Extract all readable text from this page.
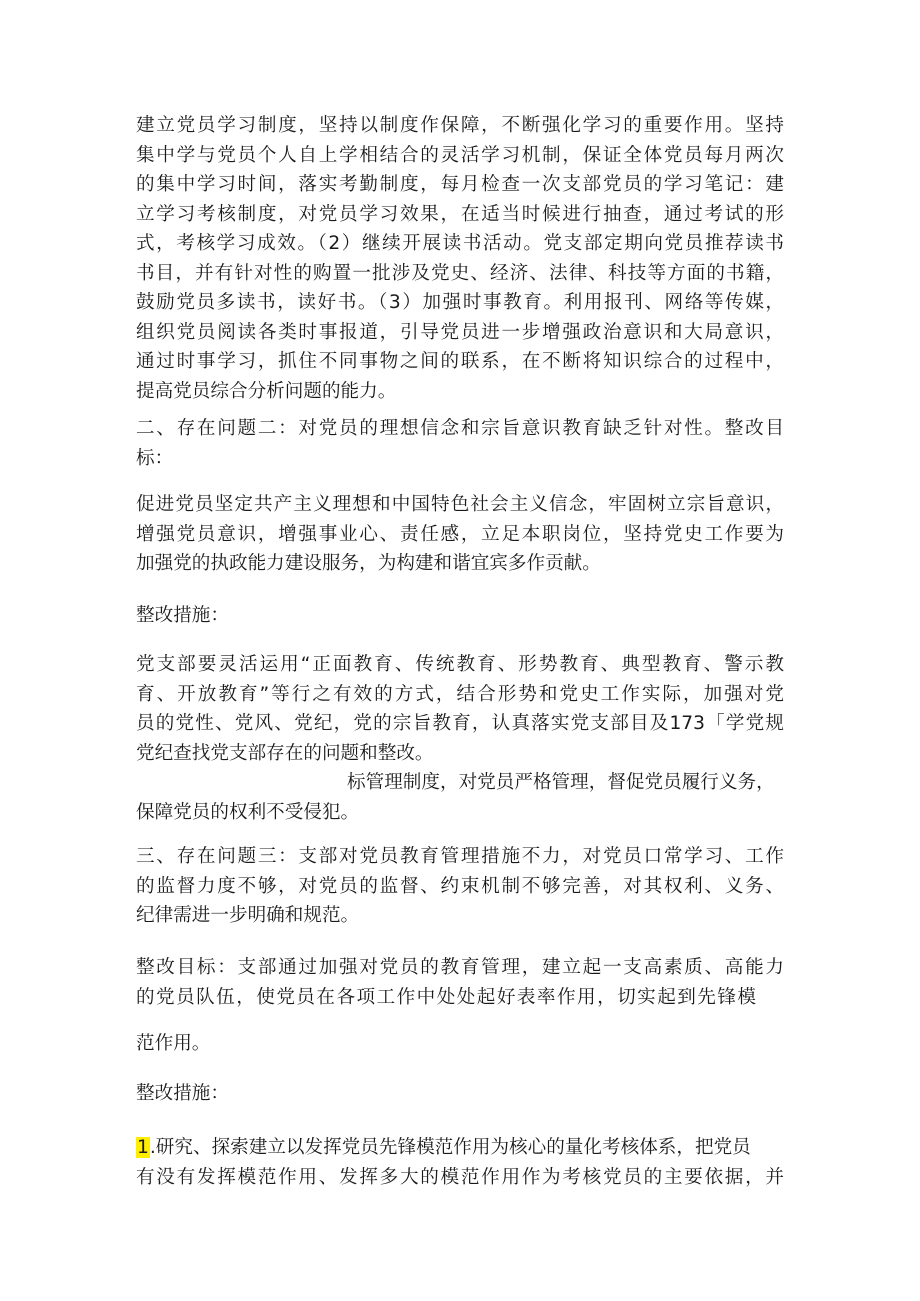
建立党员学习制度，坚持以制度作保障，不断强化学习的重要作用。坚持
集中学与党员个人自上学相结合的灵活学习机制，保证全体党员每月两次
的集中学习时间，落实考勤制度，每月检查一次支部党员的学习笔记：建
立学习考核制度，对党员学习效果，在适当时候进行抽查，通过考试的形
式，考核学习成效。（2）继续开展读书活动。党支部定期向党员推荐读书
书目，并有针对性的购置一批涉及党史、经济、法律、科技等方面的书籍，
鼓励党员多读书，读好书。（3）加强时事教育。利用报刊、网络等传媒，
组织党员阅读各类时事报道，引导党员进一步增强政治意识和大局意识，
通过时事学习，抓住不同事物之间的联系，在不断将知识综合的过程中，
提高党员综合分析问题的能力。
二、存在问题二：对党员的理想信念和宗旨意识教育缺乏针对性。整改目
标：
促进党员坚定共产主义理想和中国特色社会主义信念，牢固树立宗旨意识，
增强党员意识，增强事业心、责任感，立足本职岗位，坚持党史工作要为
加强党的执政能力建设服务，为构建和谐宜宾多作贡献。
整改措施：
党支部要灵活运用“正面教育、传统教育、形势教育、典型教育、警示教
育、开放教育”等行之有效的方式，结合形势和党史工作实际，加强对党
员的党性、党风、党纪，党的宗旨教育，认真落实党支部目及173「学党规
党纪查找党支部存在的问题和整改。
标管理制度，对党员严格管理，督促党员履行义务，
保障党员的权利不受侵犯。
三、存在问题三：支部对党员教育管理措施不力，对党员口常学习、工作
的监督力度不够，对党员的监督、约束机制不够完善，对其权利、义务、
纪律需进一步明确和规范。
整改目标：支部通过加强对党员的教育管理，建立起一支高素质、高能力
的党员队伍，使党员在各项工作中处处起好表率作用，切实起到先锋模
范作用。
整改措施：
1.研究、探索建立以发挥党员先锋模范作用为核心的量化考核体系，把党员
有没有发挥模范作用、发挥多大的模范作用作为考核党员的主要依据，并
